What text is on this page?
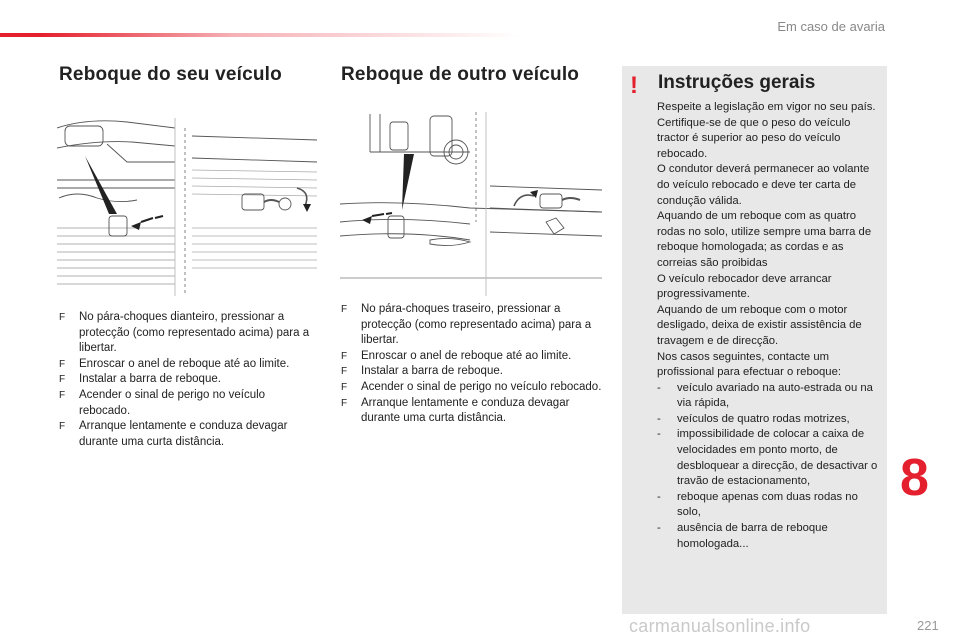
Em caso de avaria
Reboque do seu veículo
F No pára-choques dianteiro, pressionar a protecção (como representado acima) para a libertar.
F Enroscar o anel de reboque até ao limite.
F Instalar a barra de reboque.
F Acender o sinal de perigo no veículo rebocado.
F Arranque lentamente e conduza devagar durante uma curta distância.
Reboque de outro veículo
F No pára-choques traseiro, pressionar a protecção (como representado acima) para a libertar.
F Enroscar o anel de reboque até ao limite.
F Instalar a barra de reboque.
F Acender o sinal de perigo no veículo rebocado.
F Arranque lentamente e conduza devagar durante uma curta distância.
! Instruções gerais

Respeite a legislação em vigor no seu país.

Certifique-se de que o peso do veículo tractor é superior ao peso do veículo rebocado.

O condutor deverá permanecer ao volante do veículo rebocado e deve ter carta de condução válida.

Aquando de um reboque com as quatro rodas no solo, utilize sempre uma barra de reboque homologada; as cordas e as correias são proibidas

O veículo rebocador deve arrancar progressivamente.

Aquando de um reboque com o motor desligado, deixa de existir assistência de travagem e de direcção.

Nos casos seguintes, contacte um profissional para efectuar o reboque:

- veículo avariado na auto-estrada ou na via rápida,
- veículos de quatro rodas motrizes,
- impossibilidade de colocar a caixa de velocidades em ponto morto, de desbloquear a direcção, de desactivar o travão de estacionamento,
- reboque apenas com duas rodas no solo,
- ausência de barra de reboque homologada...
8
carmanualsonline.info	221
